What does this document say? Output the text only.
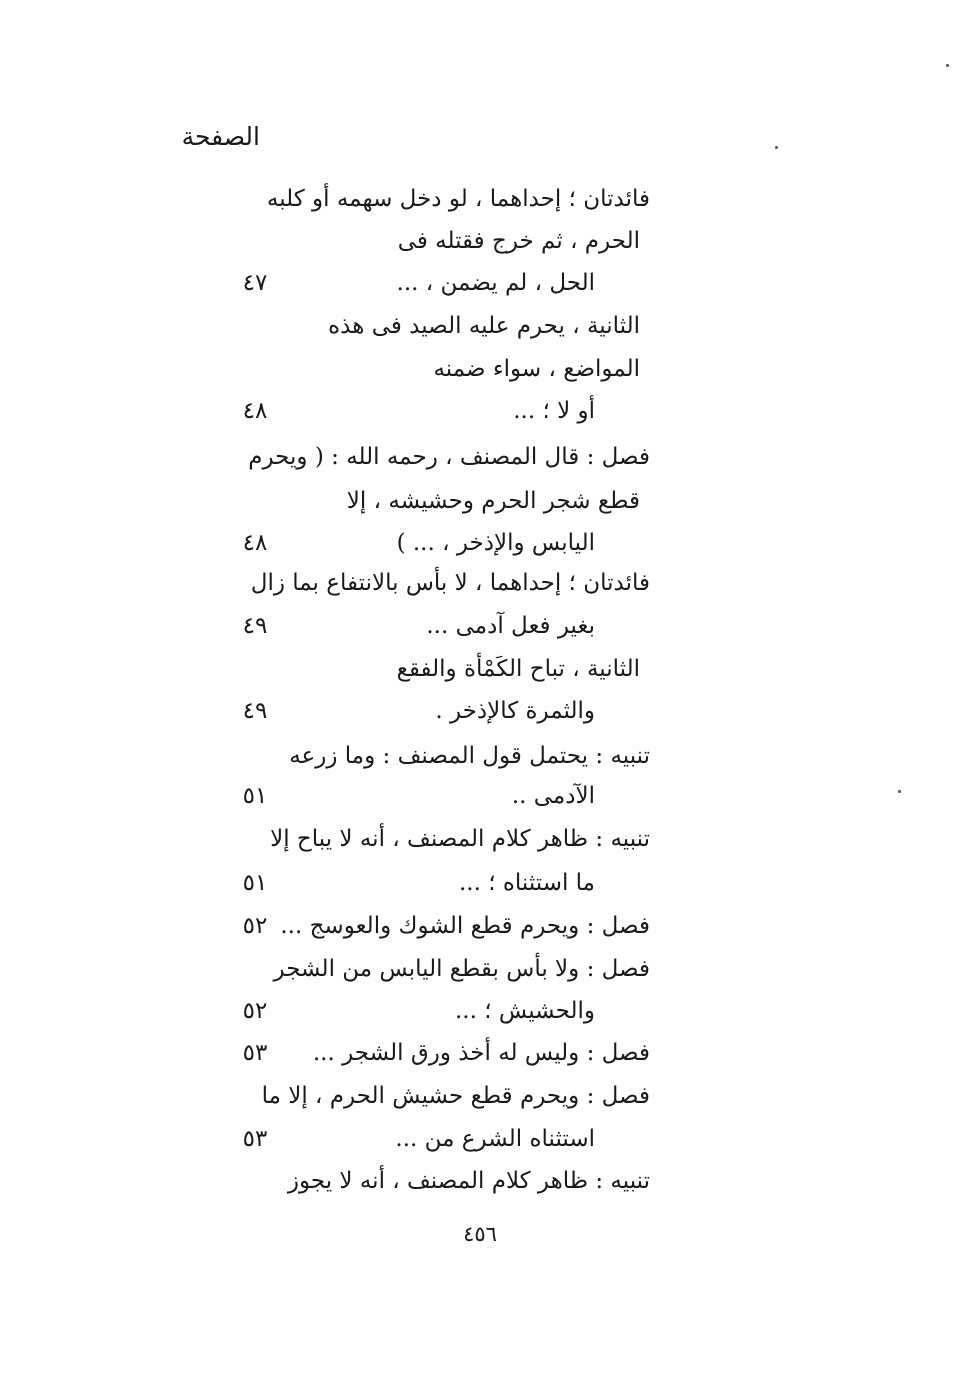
الصفحة
فائدتان ؛ إحداهما ، لو دخل سهمه أو كلبه
الحرم ، ثم خرج فقتله فى
الحل ، لم يضمن ، ...
٤٧
الثانية ، يحرم عليه الصيد فى هذه
المواضع ، سواء ضمنه
أو لا ؛ ...
٤٨
فصل : قال المصنف ، رحمه الله : ( ويحرم
قطع شجر الحرم وحشيشه ، إلا
اليابس والإذخر ، ... )
٤٨
فائدتان ؛ إحداهما ، لا بأس بالانتفاع بما زال
بغير فعل آدمى ...
٤٩
الثانية ، تباح الكَمْأة والفقع
والثمرة كالإذخر .
٤٩
تنبيه : يحتمل قول المصنف : وما زرعه
الآدمى ..
٥١
تنبيه : ظاهر كلام المصنف ، أنه لا يباح إلا
ما استثناه ؛ ...
٥١
فصل : ويحرم قطع الشوك والعوسج ...
٥٢
فصل : ولا بأس بقطع اليابس من الشجر
والحشيش ؛ ...
٥٢
فصل : وليس له أخذ ورق الشجر ...
٥٣
فصل : ويحرم قطع حشيش الحرم ، إلا ما
استثناه الشرع من ...
٥٣
تنبيه : ظاهر كلام المصنف ، أنه لا يجوز
٤٥٦
